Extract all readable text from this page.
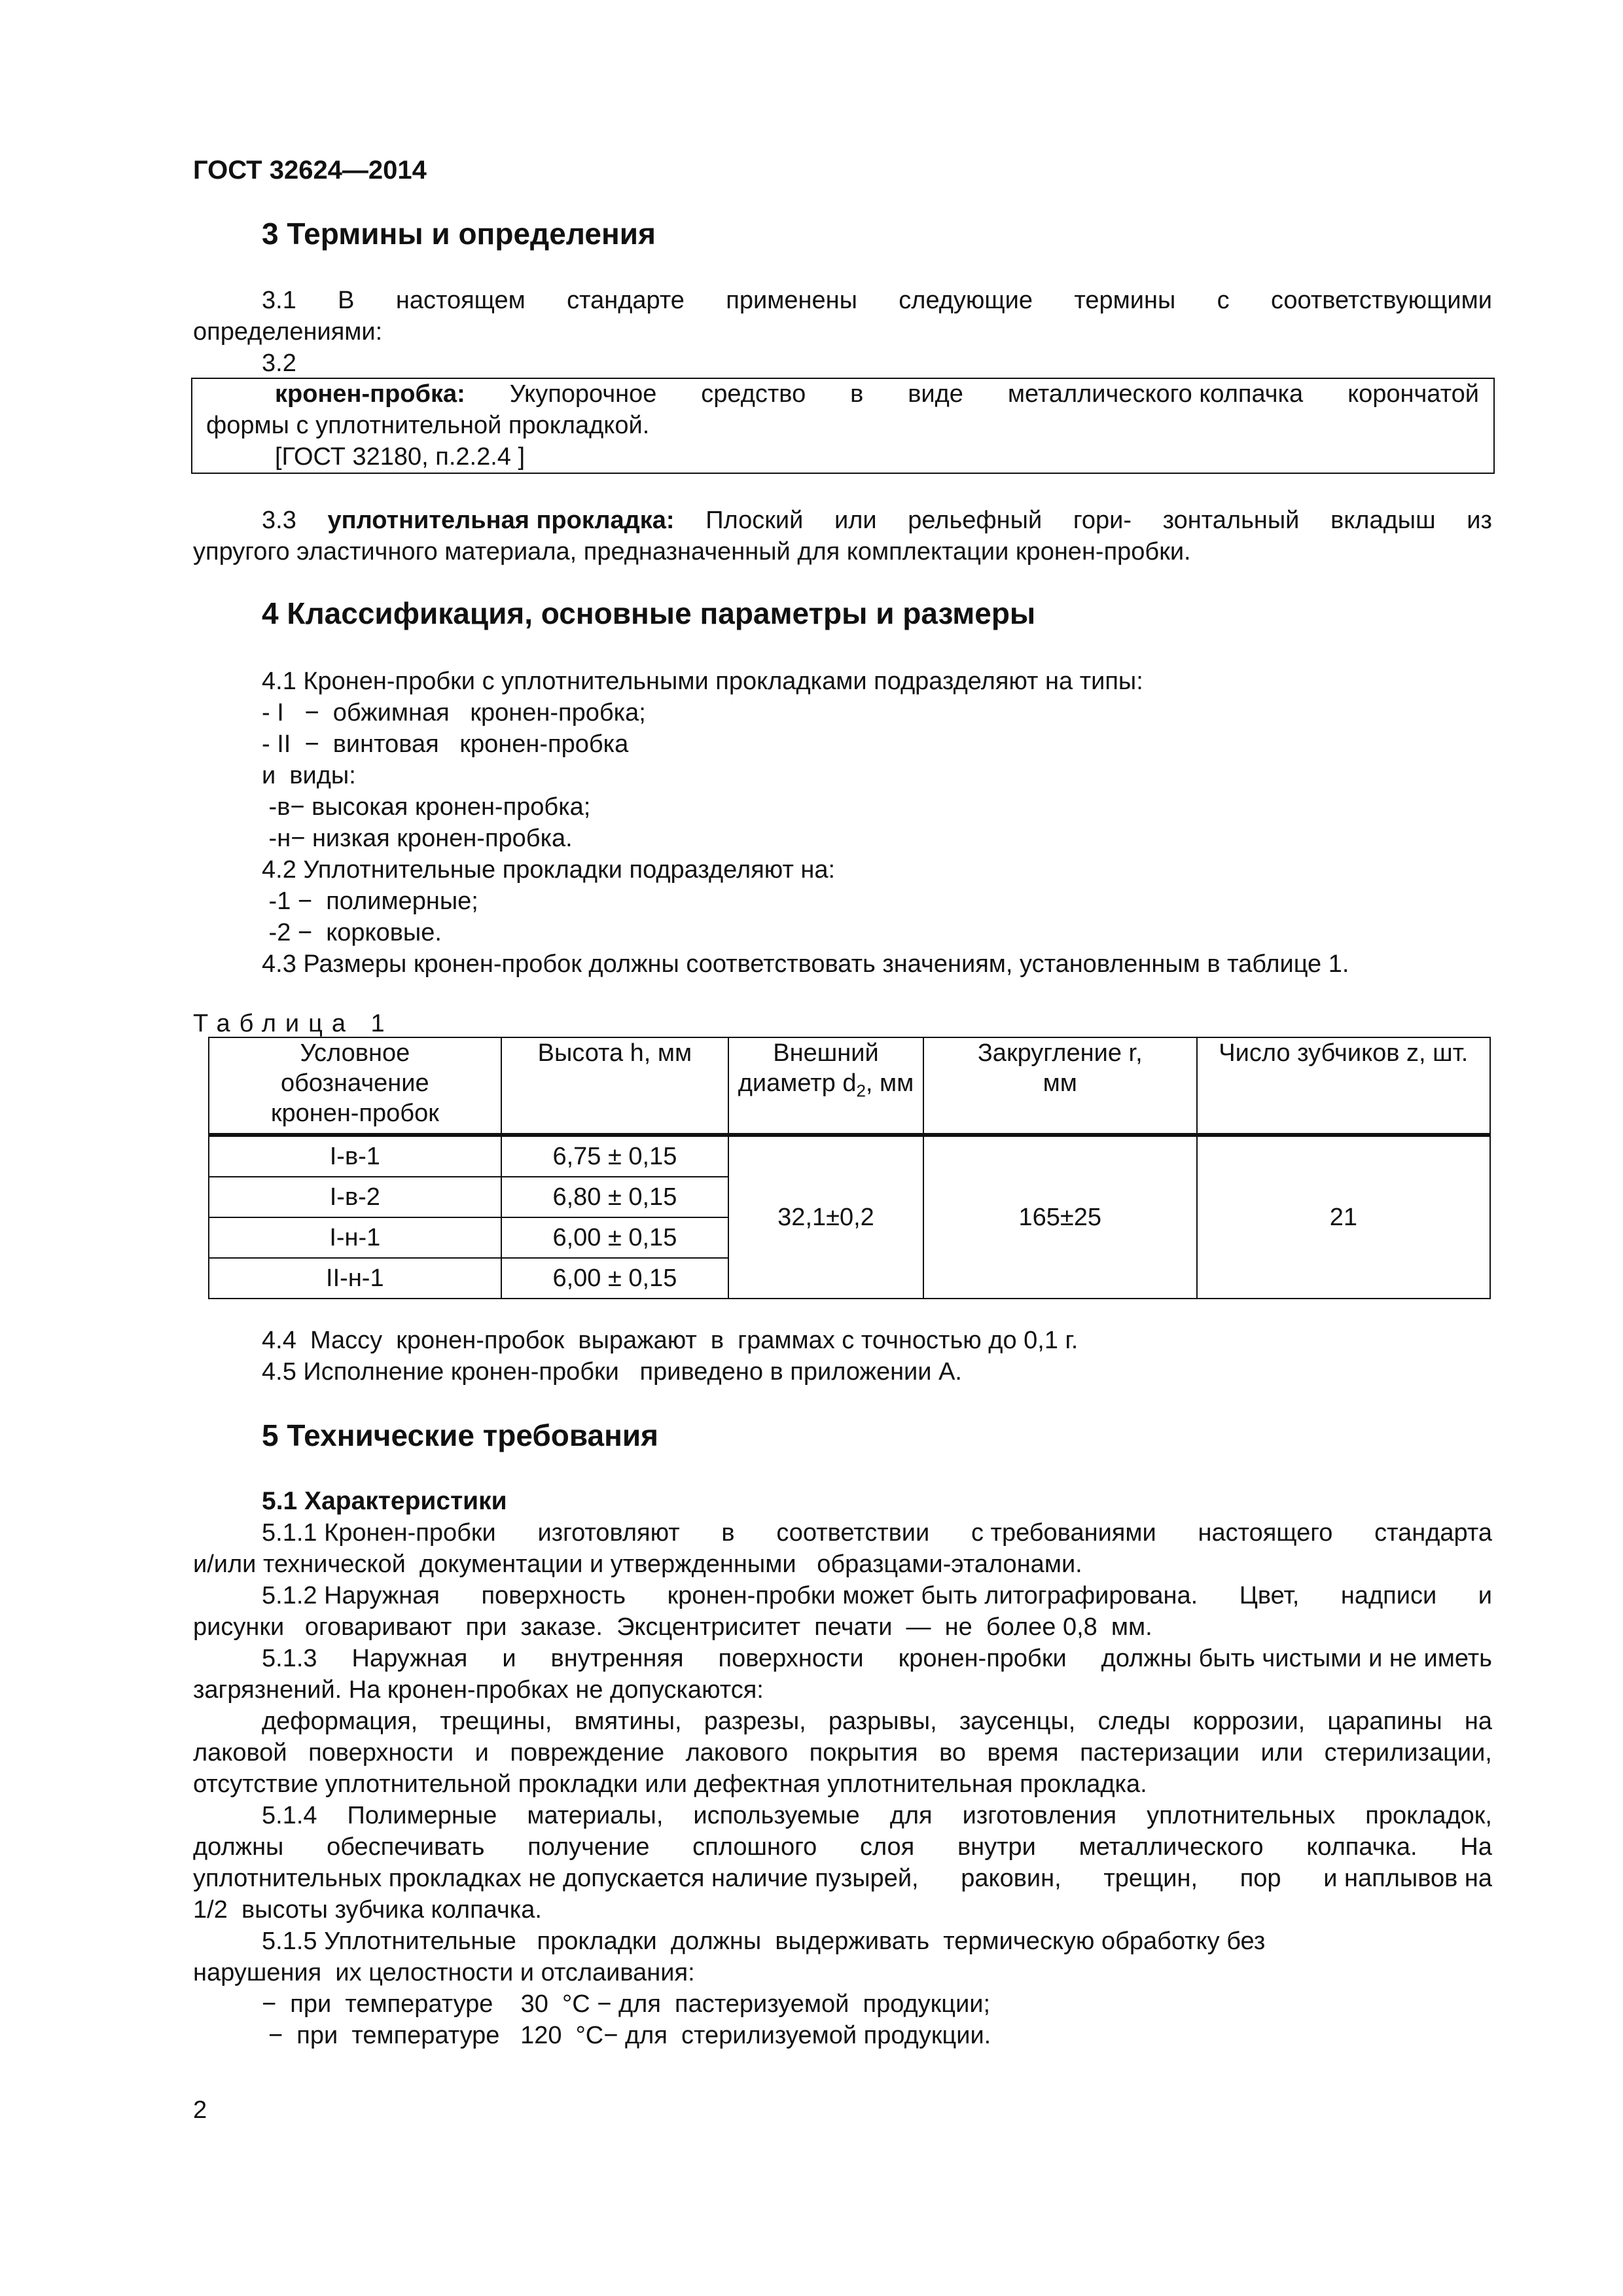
ГОСТ 32624—2014
3 Термины и определения
3.1 В настоящем стандарте применены следующие термины с соответствующими
определениями:
3.2
кронен-пробка: Укупорочное средство в виде металлического колпачка корончатой
формы с уплотнительной прокладкой.
[ГОСТ 32180, п.2.2.4 ]
3.3 уплотнительная прокладка: Плоский или рельефный гори- зонтальный вкладыш из
упругого эластичного материала, предназначенный для комплектации кронен-пробки.
4 Классификация, основные параметры и размеры
4.1 Кронен-пробки с уплотнительными прокладками подразделяют на типы:
- I   −  обжимная   кронен-пробка;
- II  −  винтовая   кронен-пробка
и  виды:
-в− высокая кронен-пробка;
-н− низкая кронен-пробка.
4.2 Уплотнительные прокладки подразделяют на:
-1 −  полимерные;
-2 −  корковые.
4.3 Размеры кронен-пробок должны соответствовать значениям, установленным в таблице 1.
Таблица 1
Условное обозначение кронен-пробок	Высота h, мм	Внешний диаметр $d_2$, мм	Закругление r, мм	Число зубчиков z, шт.
I-в-1	6,75 ± 0,15	32,1±0,2	165±25	21
I-в-2	6,80 ± 0,15			
I-н-1	6,00 ± 0,15			
II-н-1	6,00 ± 0,15			
4.4  Массу  кронен-пробок  выражают  в  граммах с точностью до 0,1 г.
4.5 Исполнение кронен-пробки   приведено в приложении А.
5 Технические требования
5.1 Характеристики
5.1.1 Кронен-пробки изготовляют в соответствии с требованиями настоящего стандарта
и/или технической  документации и утвержденными   образцами-эталонами.
5.1.2 Наружная поверхность кронен-пробки может быть литографирована. Цвет, надписи и
рисунки   оговаривают  при  заказе.  Эксцентриситет  печати  —  не  более 0,8  мм.
5.1.3 Наружная и внутренняя поверхности кронен-пробки должны быть чистыми и не иметь
загрязнений. На кронен-пробках не допускаются:
деформация, трещины, вмятины, разрезы, разрывы, заусенцы, следы коррозии, царапины на
лаковой поверхности и повреждение лакового покрытия во время пастеризации или стерилизации,
отсутствие уплотнительной прокладки или дефектная уплотнительная прокладка.
5.1.4 Полимерные материалы, используемые для изготовления уплотнительных прокладок,
должны обеспечивать получение сплошного слоя внутри металлического колпачка. На
уплотнительных прокладках не допускается наличие пузырей, раковин, трещин, пор и наплывов на
1/2  высоты зубчика колпачка.
5.1.5 Уплотнительные   прокладки  должны  выдерживать  термическую обработку без
нарушения  их целостности и отслаивания:
−  при  температуре    30  °С − для  пастеризуемой  продукции;
−  при  температуре   120  °С− для  стерилизуемой продукции.
2
